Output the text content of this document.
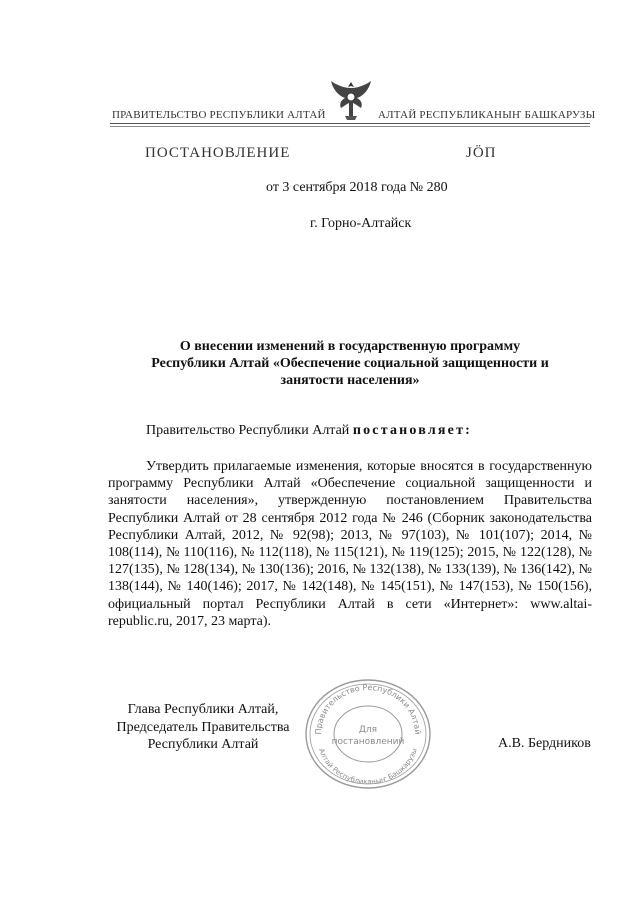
ПРАВИТЕЛЬСТВО РЕСПУБЛИКИ АЛТАЙ	АЛТАЙ РЕСПУБЛИКАНЫҤ БАШКАРУЗЫ
ПОСТАНОВЛЕНИЕ	ЈӦП
от 3 сентября 2018 года № 280
г. Горно-Алтайск
О внесении изменений в государственную программу
Республики Алтай «Обеспечение социальной защищенности и
занятости населения»
Правительство Республики Алтай постановляет:
Утвердить прилагаемые изменения, которые вносятся в государственную программу Республики Алтай «Обеспечение социальной защищенности и занятости населения», утвержденную постановлением Правительства Республики Алтай от 28 сентября 2012 года № 246 (Сборник законодательства Республики Алтай, 2012, № 92(98); 2013, № 97(103), № 101(107); 2014, № 108(114), № 110(116), № 112(118), № 115(121), № 119(125); 2015, № 122(128), № 127(135), № 128(134), № 130(136); 2016, № 132(138), № 133(139), № 136(142), № 138(144), № 140(146); 2017, № 142(148), № 145(151), № 147(153), № 150(156), официальный портал Республики Алтай в сети «Интернет»: www.altai-republic.ru, 2017, 23 марта).
Глава Республики Алтай,
Председатель Правительства
Республики Алтай
Правительство Республики Алтай
Алтай Республиканыҥ Башкарузы
Для
постановлений	А.В. Бердников
